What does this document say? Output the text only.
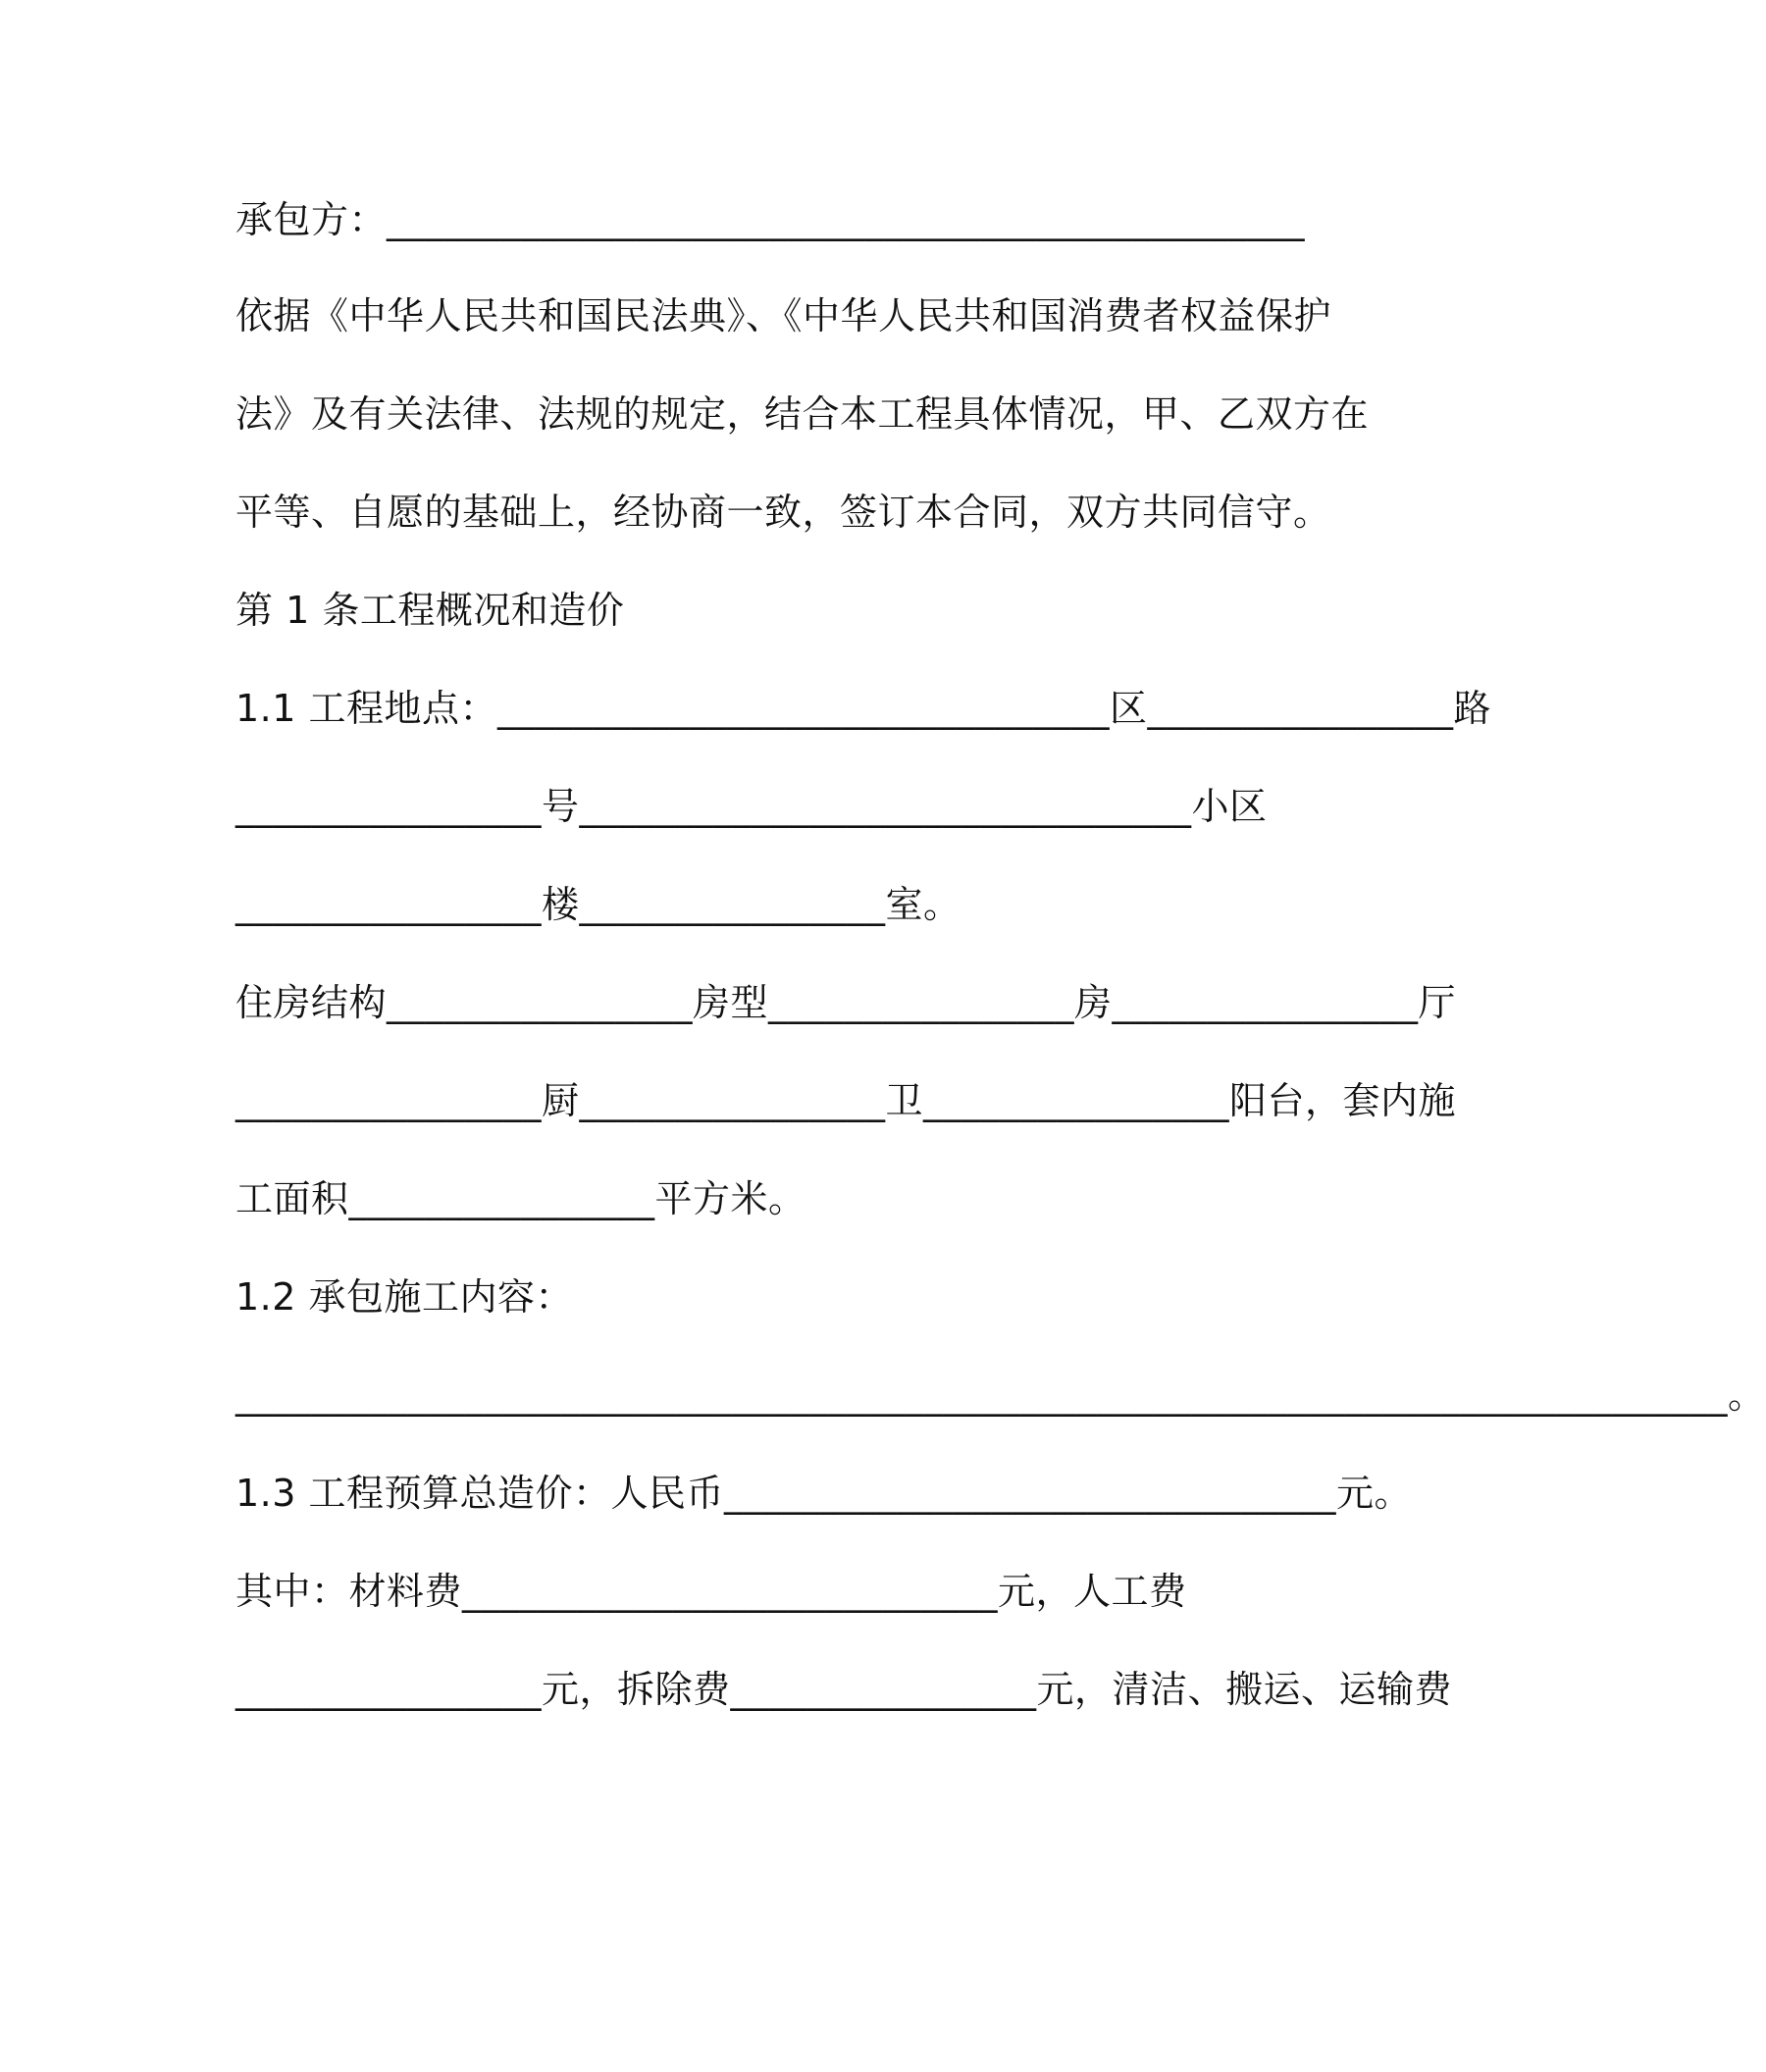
承包方：________________________________________________
依据《中华人民共和国民法典》、《中华人民共和国消费者权益保护
法》及有关法律、法规的规定，结合本工程具体情况，甲、乙双方在
平等、自愿的基础上，经协商一致，签订本合同，双方共同信守。
第 1 条工程概况和造价
1.1 工程地点：________________________________区________________路
________________号________________________________小区
________________楼________________室。
住房结构________________房型________________房________________厅
________________厨________________卫________________阳台，套内施
工面积________________平方米。
1.2 承包施工内容：
______________________________________________________________________________。
1.3 工程预算总造价：人民币________________________________元。
其中：材料费____________________________元，人工费
________________元，拆除费________________元，清洁、搬运、运输费
